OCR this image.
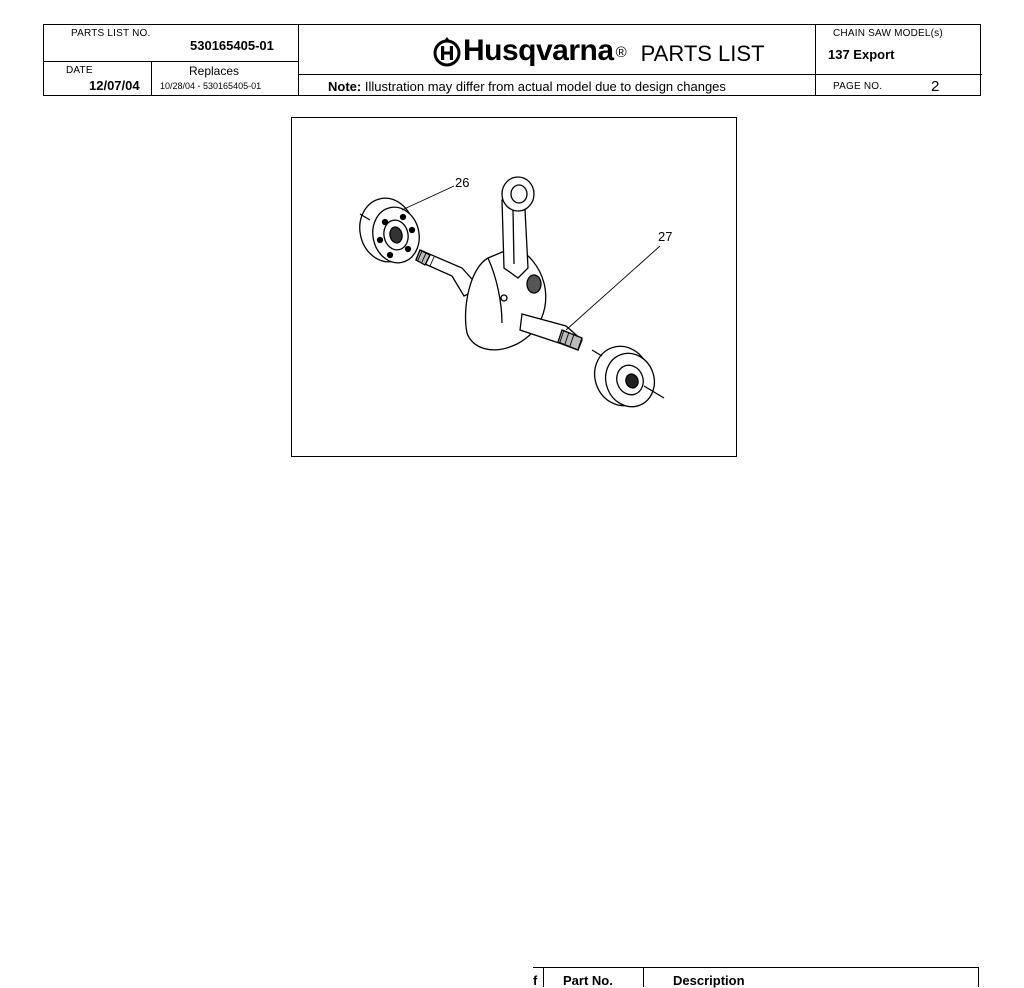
PARTS LIST NO.
530165405-01
DATE
12/07/04
Replaces
10/28/04 - 530165405-01
Husqvarna ® PARTS LIST
Note: Illustration may differ from actual model due to design changes
CHAIN SAW MODEL(s)
137 Export
PAGE NO.	2
26
27
f Part No.	Description
